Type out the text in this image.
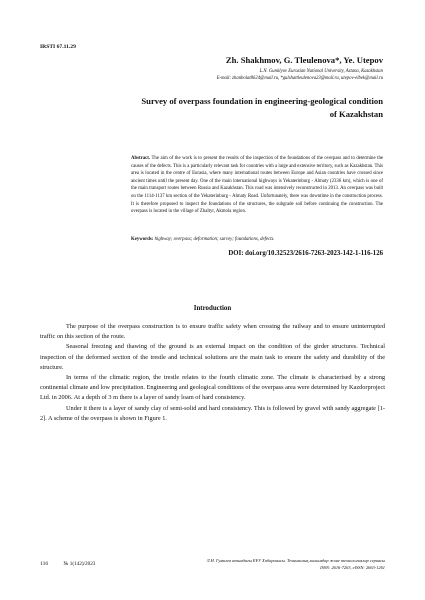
IRSTI 67.11.29
Zh. Shakhmov, G. Tleulenova*, Ye. Utepov
L.N. Gumilyov Eurasian National University, Astana, Kazakhstan
E-mail: zhanbolat8624@mail.ru, *gulshattleulenova23@mail.ru, utepov-elbek@mail.ru
Survey of overpass foundation in engineering-geological condition
of Kazakhstan
Abstract. The aim of the work is to present the results of the inspection of the foundations of the overpass and to determine the causes of the defects. This is a particularly relevant task for countries with a large and extensive territory, such as Kazakhstan. This area is located in the centre of Eurasia, where many international routes between Europe and Asian countries have crossed since ancient times until the present day. One of the main international highways is Yekaterinburg - Almaty (2336 km), which is one of the main transport routes between Russia and Kazakhstan. This road was intensively reconstructed in 2013. An overpass was built on the 1114-1137 km section of the Yekaterinburg - Almaty Road. Unfortunately, there was downtime in the construction process. It is therefore proposed to inspect the foundations of the structures, the subgrade soil before continuing the construction. The overpass is located in the village of Zhaltyr, Akmola region.
Keywords: highway; overpass; deformation; survey; foundations, defects.
DOI: doi.org/10.32523/2616-7263-2023-142-1-116-126
Introduction

The purpose of the overpass construction is to ensure traffic safety when crossing the railway and to ensure uninterrupted traffic on this section of the route.

Seasonal freezing and thawing of the ground is an external impact on the condition of the girder structures. Technical inspection of the deformed section of the trestle and technical solutions are the main task to ensure the safety and durability of the structure.

In terms of the climatic region, the trestle relates to the fourth climatic zone. The climate is characterised by a strong continental climate and low precipitation. Engineering and geological conditions of the overpass area were determined by Kazdorproject Ltd. in 2006. At a depth of 3 m there is a layer of sandy loam of hard consistency.

Under it there is a layer of sandy clay of semi-solid and hard consistency. This is followed by gravel with sandy aggregate [1-2]. A scheme of the overpass is shown in Figure 1.

116	№ 1(142)/2023
Л.Н. Гумилев атындағы ЕҰУ Хабаршысы. Техникалық ғылымдар және технологиялар сериясы
ISSN: 2616-7263, eISSN: 2663-1261
